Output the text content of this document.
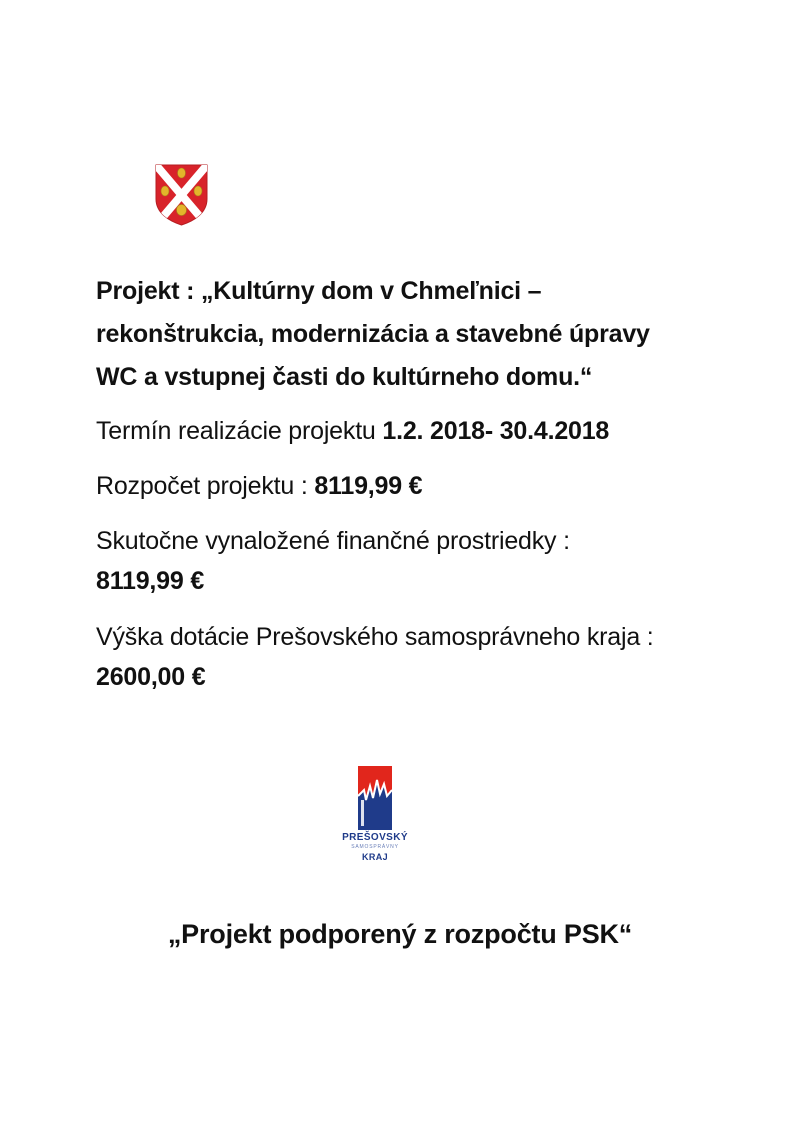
Projekt : „Kultúrny dom v Chmeľnici –
rekonštrukcia, modernizácia a stavebné úpravy
WC a vstupnej časti do kultúrneho domu.“
Termín realizácie projektu 1.2. 2018- 30.4.2018
Rozpočet projektu : 8119,99 €
Skutočne vynaložené finančné prostriedky :
8119,99 €
Výška dotácie Prešovského samosprávneho kraja :
2600,00 €
PREŠOVSKÝ
SAMOSPRÁVNY
KRAJ
„Projekt podporený z rozpočtu PSK“
